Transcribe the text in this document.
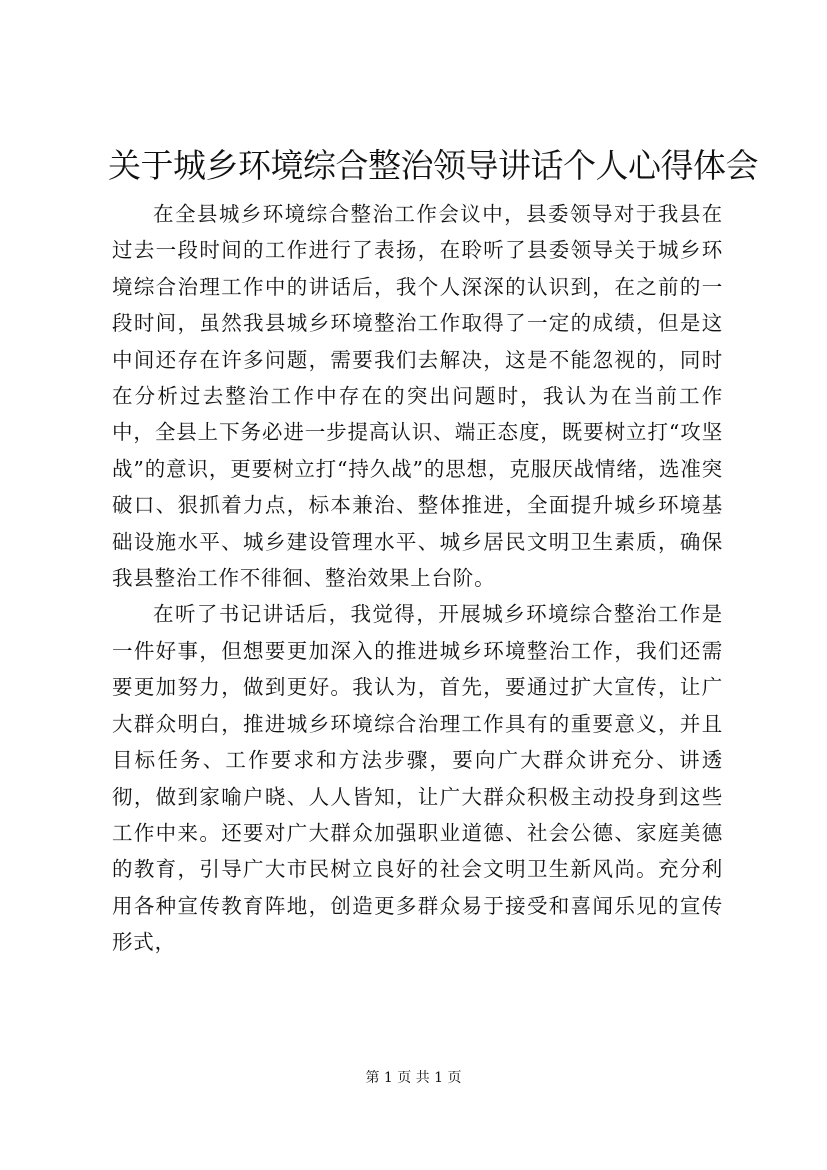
关于城乡环境综合整治领导讲话个人心得体会

在全县城乡环境综合整治工作会议中，县委领导对于我县在过去一段时间的工作进行了表扬，在聆听了县委领导关于城乡环境综合治理工作中的讲话后，我个人深深的认识到，在之前的一段时间，虽然我县城乡环境整治工作取得了一定的成绩，但是这中间还存在许多问题，需要我们去解决，这是不能忽视的，同时在分析过去整治工作中存在的突出问题时，我认为在当前工作中，全县上下务必进一步提高认识、端正态度，既要树立打“攻坚战”的意识，更要树立打“持久战”的思想，克服厌战情绪，选准突破口、狠抓着力点，标本兼治、整体推进，全面提升城乡环境基础设施水平、城乡建设管理水平、城乡居民文明卫生素质，确保我县整治工作不徘徊、整治效果上台阶。

在听了书记讲话后，我觉得，开展城乡环境综合整治工作是一件好事，但想要更加深入的推进城乡环境整治工作，我们还需要更加努力，做到更好。我认为，首先，要通过扩大宣传，让广大群众明白，推进城乡环境综合治理工作具有的重要意义，并且目标任务、工作要求和方法步骤，要向广大群众讲充分、讲透彻，做到家喻户晓、人人皆知，让广大群众积极主动投身到这些工作中来。还要对广大群众加强职业道德、社会公德、家庭美德的教育，引导广大市民树立良好的社会文明卫生新风尚。充分利用各种宣传教育阵地，创造更多群众易于接受和喜闻乐见的宣传形式，

第 1 页 共 1 页
